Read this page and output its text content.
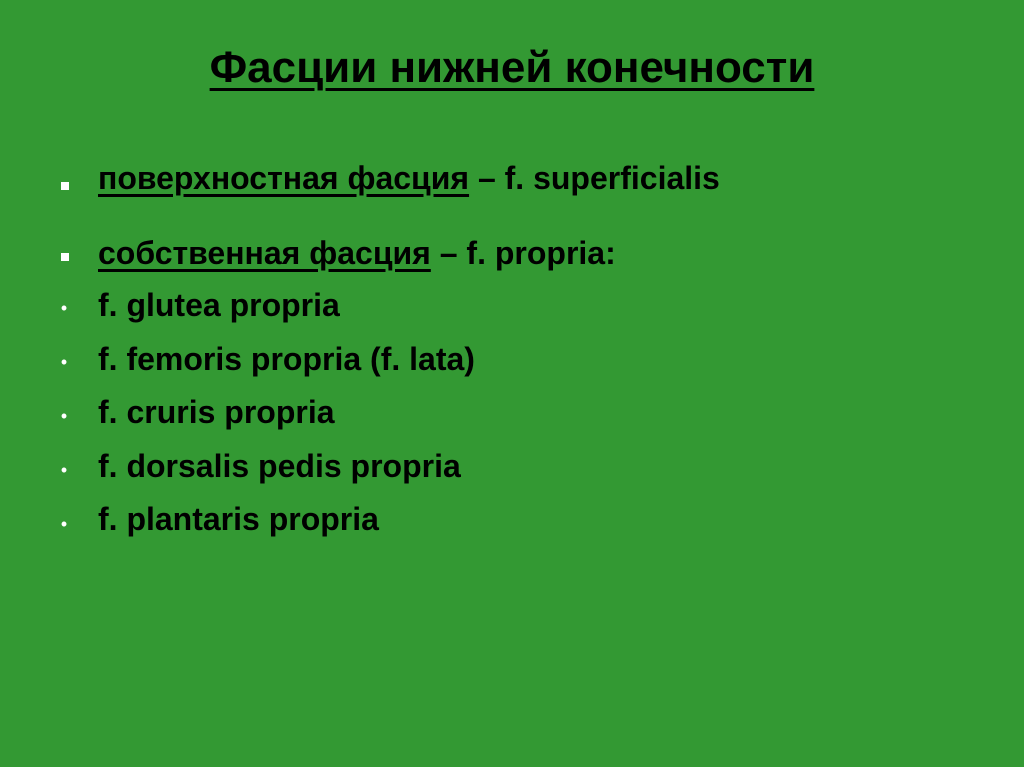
Фасции нижней конечности
поверхностная фасция – f. superficialis
собственная фасция – f. propria:
• f. glutea propria
• f. femoris propria (f. lata)
• f. cruris propria
• f. dorsalis pedis propria
• f. plantaris propria
